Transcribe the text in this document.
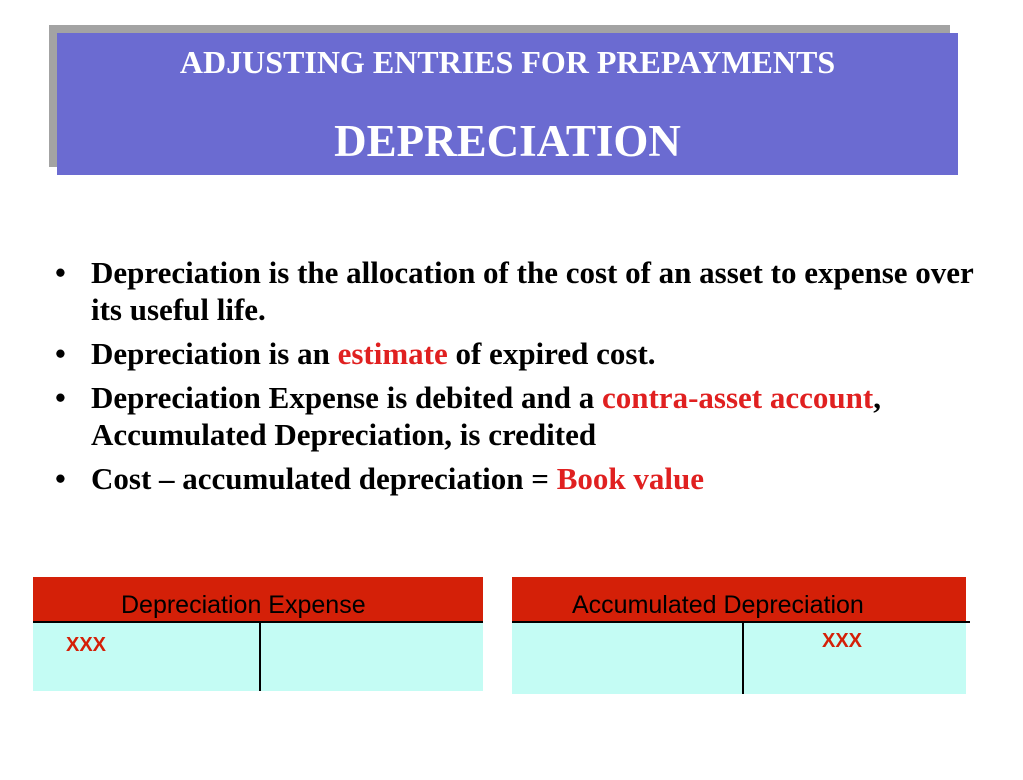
ADJUSTING ENTRIES FOR PREPAYMENTS
DEPRECIATION
• Depreciation is the allocation of the cost of an asset to expense over its useful life.
• Depreciation is an estimate of expired cost.
• Depreciation Expense is debited and a contra-asset account, Accumulated Depreciation, is credited
• Cost – accumulated depreciation = Book value
Depreciation Expense
XXX
Accumulated Depreciation
XXX
